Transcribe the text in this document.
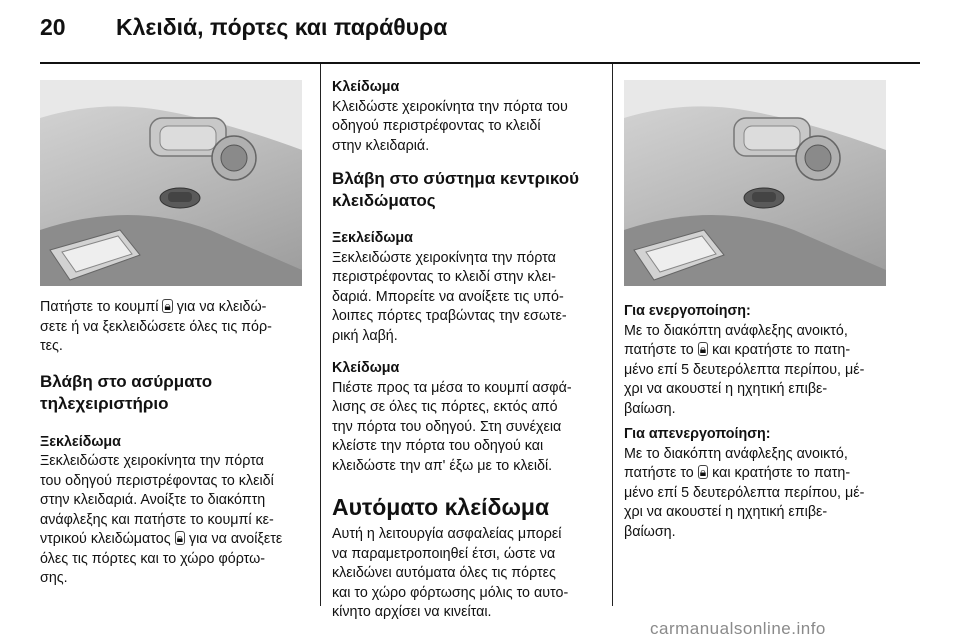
20 Κλειδιά, πόρτες και παράθυρα

Πατήστε το κουμπί 🔒︎ για να κλειδώ-
σετε ή να ξεκλειδώσετε όλες τις πόρ-
τες.

Βλάβη στο ασύρματο
τηλεχειριστήριο
Ξεκλείδωμα

Ξεκλειδώστε χειροκίνητα την πόρτα
του οδηγού περιστρέφοντας το κλειδί
στην κλειδαριά. Ανοίξτε το διακόπτη
ανάφλεξης και πατήστε το κουμπί κε-
ντρικού κλειδώματος 🔒︎ για να ανοίξετε
όλες τις πόρτες και το χώρο φόρτω-
σης.

Κλείδωμα

Κλειδώστε χειροκίνητα την πόρτα του
οδηγού περιστρέφοντας το κλειδί
στην κλειδαριά.

Βλάβη στο σύστημα κεντρικού
κλειδώματος
Ξεκλείδωμα

Ξεκλειδώστε χειροκίνητα την πόρτα
περιστρέφοντας το κλειδί στην κλει-
δαριά. Μπορείτε να ανοίξετε τις υπό-
λοιπες πόρτες τραβώντας την εσωτε-
ρική λαβή.

Κλείδωμα

Πιέστε προς τα μέσα το κουμπί ασφά-
λισης σε όλες τις πόρτες, εκτός από
την πόρτα του οδηγού. Στη συνέχεια
κλείστε την πόρτα του οδηγού και
κλειδώστε την απ' έξω με το κλειδί.

Αυτόματο κλείδωμα

Αυτή η λειτουργία ασφαλείας μπορεί
να παραμετροποιηθεί έτσι, ώστε να
κλειδώνει αυτόματα όλες τις πόρτες
και το χώρο φόρτωσης μόλις το αυτο-
κίνητο αρχίσει να κινείται.

Για ενεργοποίηση:

Με το διακόπτη ανάφλεξης ανοικτό,
πατήστε το 🔒︎ και κρατήστε το πατη-
μένο επί 5 δευτερόλεπτα περίπου, μέ-
χρι να ακουστεί η ηχητική επιβε-
βαίωση.

Για απενεργοποίηση:

Με το διακόπτη ανάφλεξης ανοικτό,
πατήστε το 🔒︎ και κρατήστε το πατη-
μένο επί 5 δευτερόλεπτα περίπου, μέ-
χρι να ακουστεί η ηχητική επιβε-
βαίωση.

carmanualsonline.info
